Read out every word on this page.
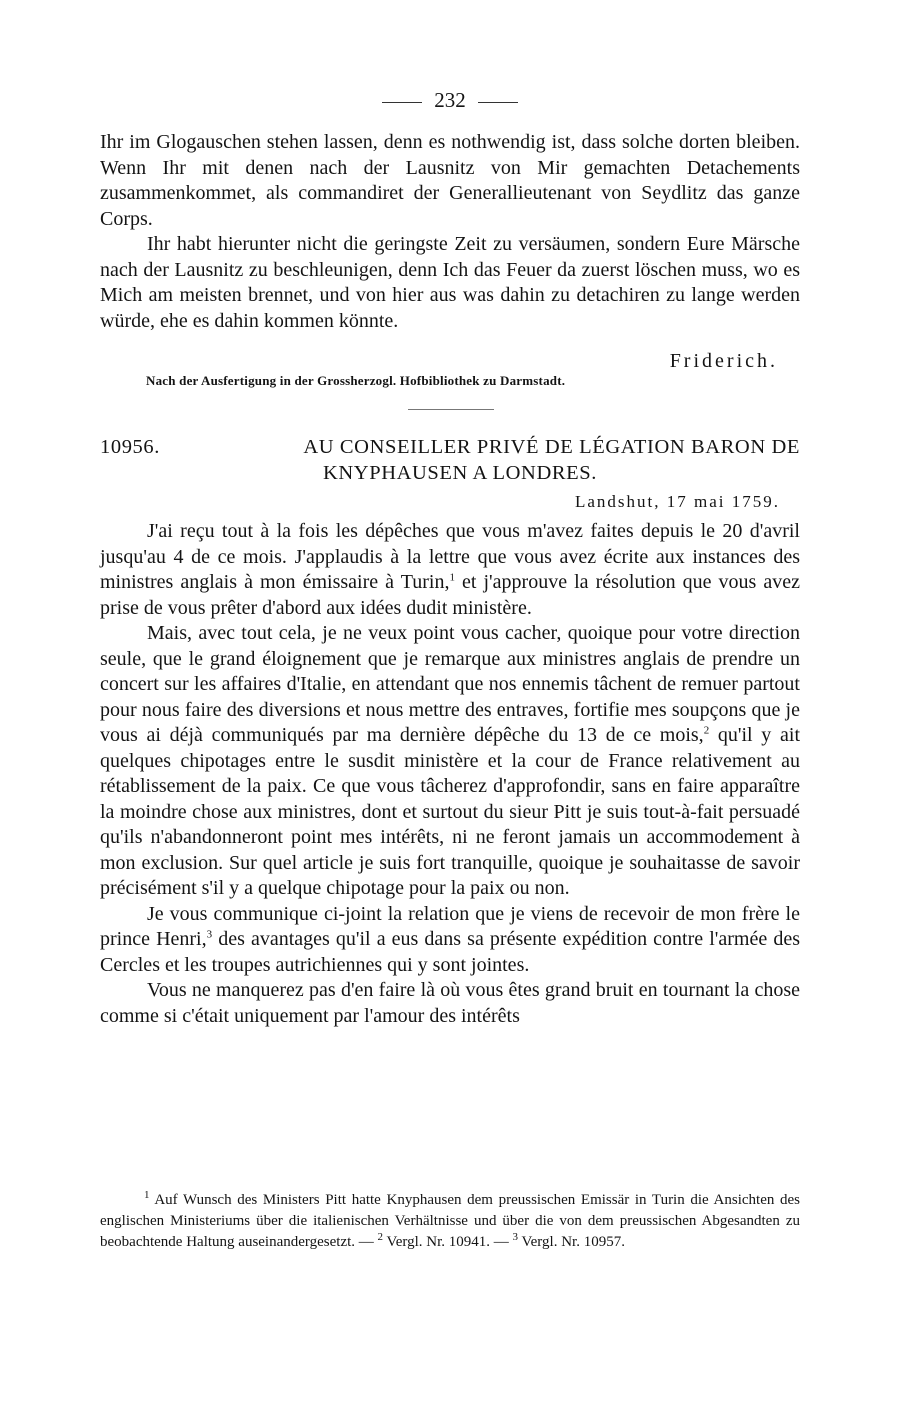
232

Ihr im Glogauschen stehen lassen, denn es nothwendig ist, dass solche dorten bleiben. Wenn Ihr mit denen nach der Lausnitz von Mir gemachten Detachements zusammenkommet, als commandiret der Generallieutenant von Seydlitz das ganze Corps.

Ihr habt hierunter nicht die geringste Zeit zu versäumen, sondern Eure Märsche nach der Lausnitz zu beschleunigen, denn Ich das Feuer da zuerst löschen muss, wo es Mich am meisten brennet, und von hier aus was dahin zu detachiren zu lange werden würde, ehe es dahin kommen könnte.

Friderich.
Nach der Ausfertigung in der Grossherzogl. Hofbibliothek zu Darmstadt.
10956.	AU CONSEILLER PRIVÉ DE LÉGATION BARON DE
KNYPHAUSEN A LONDRES.
Landshut, 17 mai 1759.

J'ai reçu tout à la fois les dépêches que vous m'avez faites depuis le 20 d'avril jusqu'au 4 de ce mois. J'applaudis à la lettre que vous avez écrite aux instances des ministres anglais à mon émissaire à Turin,$^1$ et j'approuve la résolution que vous avez prise de vous prêter d'abord aux idées dudit ministère.

Mais, avec tout cela, je ne veux point vous cacher, quoique pour votre direction seule, que le grand éloignement que je remarque aux ministres anglais de prendre un concert sur les affaires d'Italie, en attendant que nos ennemis tâchent de remuer partout pour nous faire des diversions et nous mettre des entraves, fortifie mes soupçons que je vous ai déjà communiqués par ma dernière dépêche du 13 de ce mois,$^2$ qu'il y ait quelques chipotages entre le susdit ministère et la cour de France relativement au rétablissement de la paix. Ce que vous tâcherez d'approfondir, sans en faire apparaître la moindre chose aux ministres, dont et surtout du sieur Pitt je suis tout-à-fait persuadé qu'ils n'abandonneront point mes intérêts, ni ne feront jamais un accommodement à mon exclusion. Sur quel article je suis fort tranquille, quoique je souhaitasse de savoir précisément s'il y a quelque chipotage pour la paix ou non.

Je vous communique ci-joint la relation que je viens de recevoir de mon frère le prince Henri,$^3$ des avantages qu'il a eus dans sa présente expédition contre l'armée des Cercles et les troupes autrichiennes qui y sont jointes.

Vous ne manquerez pas d'en faire là où vous êtes grand bruit en tournant la chose comme si c'était uniquement par l'amour des intérêts

$^1$ Auf Wunsch des Ministers Pitt hatte Knyphausen dem preussischen Emissär in Turin die Ansichten des englischen Ministeriums über die italienischen Verhältnisse und über die von dem preussischen Abgesandten zu beobachtende Haltung auseinandergesetzt. — $^2$ Vergl. Nr. 10941. — $^3$ Vergl. Nr. 10957.
